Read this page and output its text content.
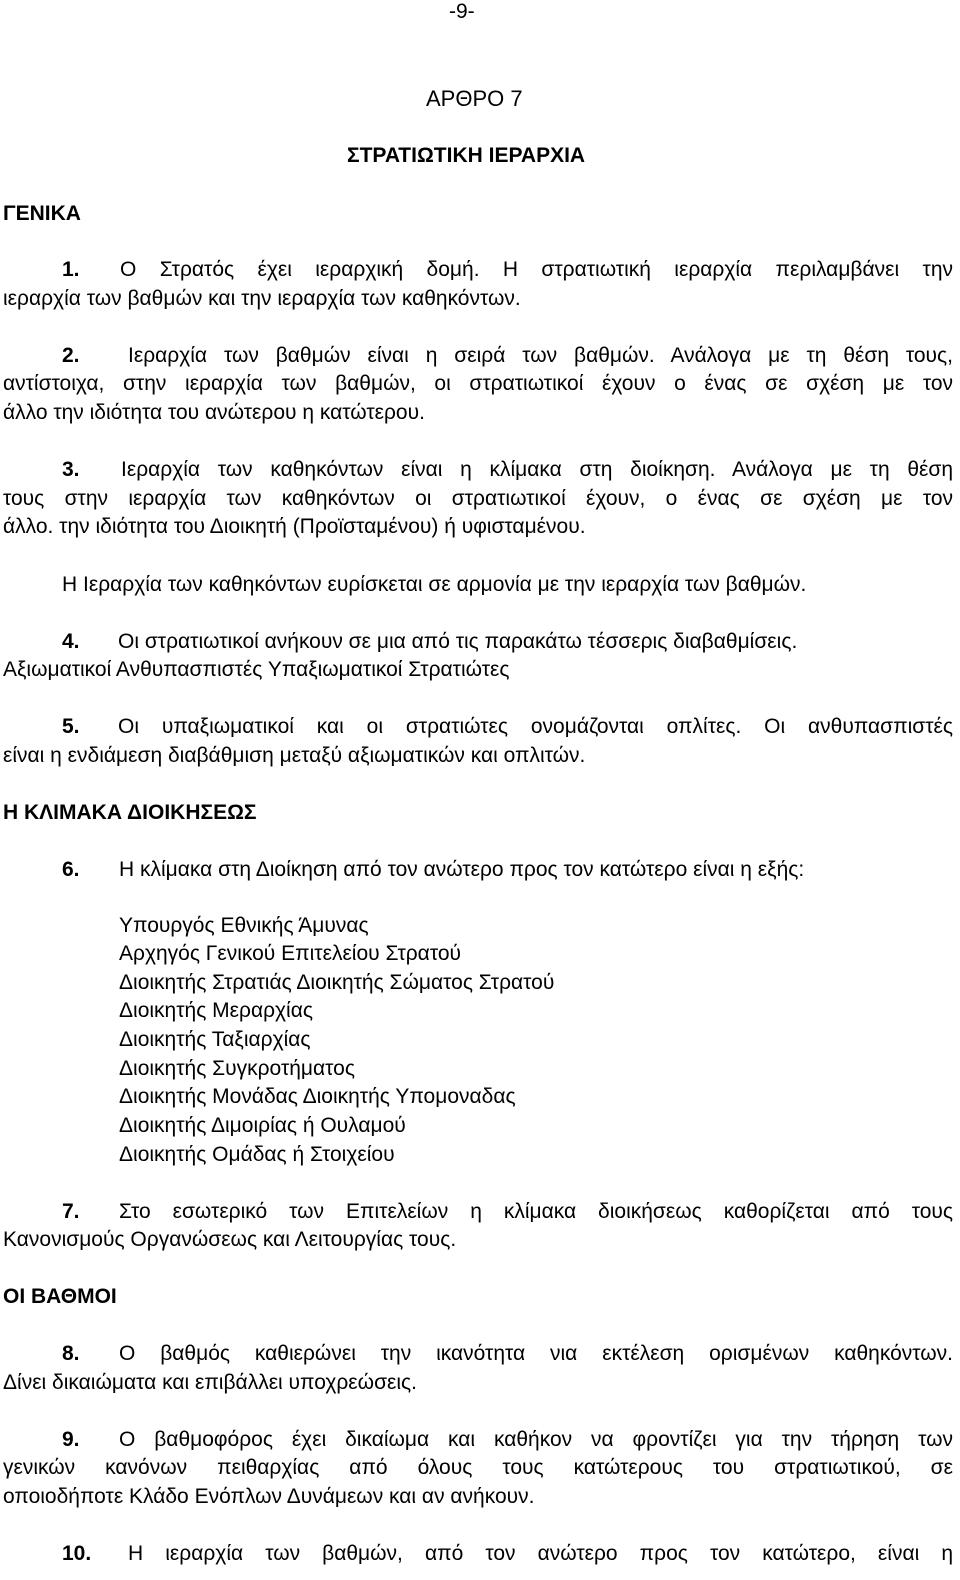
-9-
ΑΡΘΡΟ 7
ΣΤΡΑΤΙΩΤΙΚΗ ΙΕΡΑΡΧΙΑ
ΓΕΝΙΚΑ
1. Ο Στρατός έχει ιεραρχική δομή. Η στρατιωτική ιεραρχία περιλαμβάνει την
ιεραρχία των βαθμών και την ιεραρχία των καθηκόντων.
2. Ιεραρχία των βαθμών είναι η σειρά των βαθμών. Ανάλογα με τη θέση τους,
αντίστοιχα, στην ιεραρχία των βαθμών, οι στρατιωτικοί έχουν ο ένας σε σχέση με τον
άλλο την ιδιότητα του ανώτερου η κατώτερου.
3. Ιεραρχία των καθηκόντων είναι η κλίμακα στη διοίκηση. Ανάλογα με τη θέση
τους στην ιεραρχία των καθηκόντων οι στρατιωτικοί έχουν, ο ένας σε σχέση με τον
άλλο. την ιδιότητα του Διοικητή (Προϊσταμένου) ή υφισταμένου.
Η Ιεραρχία των καθηκόντων ευρίσκεται σε αρμονία με την ιεραρχία των βαθμών.
4. Οι στρατιωτικοί ανήκουν σε μια από τις παρακάτω τέσσερις διαβαθμίσεις.
Αξιωματικοί Ανθυπασπιστές Υπαξιωματικοί Στρατιώτες
5. Οι υπαξιωματικοί και οι στρατιώτες ονομάζονται οπλίτες. Οι ανθυπασπιστές
είναι η ενδιάμεση διαβάθμιση μεταξύ αξιωματικών και οπλιτών.
Η ΚΛΙΜΑΚΑ ΔΙΟΙΚΗΣΕΩΣ
6. Η κλίμακα στη Διοίκηση από τον ανώτερο προς τον κατώτερο είναι η εξής:
Υπουργός Εθνικής Άμυνας
Αρχηγός Γενικού Επιτελείου Στρατού
Διοικητής Στρατιάς Διοικητής Σώματος Στρατού
Διοικητής Μεραρχίας
Διοικητής Ταξιαρχίας
Διοικητής Συγκροτήματος
Διοικητής Μονάδας Διοικητής Υπομοναδας
Διοικητής Διμοιρίας ή Ουλαμού
Διοικητής Ομάδας ή Στοιχείου
7. Στο εσωτερικό των Επιτελείων η κλίμακα διοικήσεως καθορίζεται από τους
Κανονισμούς Οργανώσεως και Λειτουργίας τους.
ΟΙ ΒΑΘΜΟΙ
8. Ο βαθμός καθιερώνει την ικανότητα νια εκτέλεση ορισμένων καθηκόντων.
Δίνει δικαιώματα και επιβάλλει υποχρεώσεις.
9. Ο βαθμοφόρος έχει δικαίωμα και καθήκον να φροντίζει για την τήρηση των
γενικών κανόνων πειθαρχίας από όλους τους κατώτερους του στρατιωτικού, σε
οποιοδήποτε Κλάδο Ενόπλων Δυνάμεων και αν ανήκουν.
10. Η ιεραρχία των βαθμών, από τον ανώτερο προς τον κατώτερο, είναι η
